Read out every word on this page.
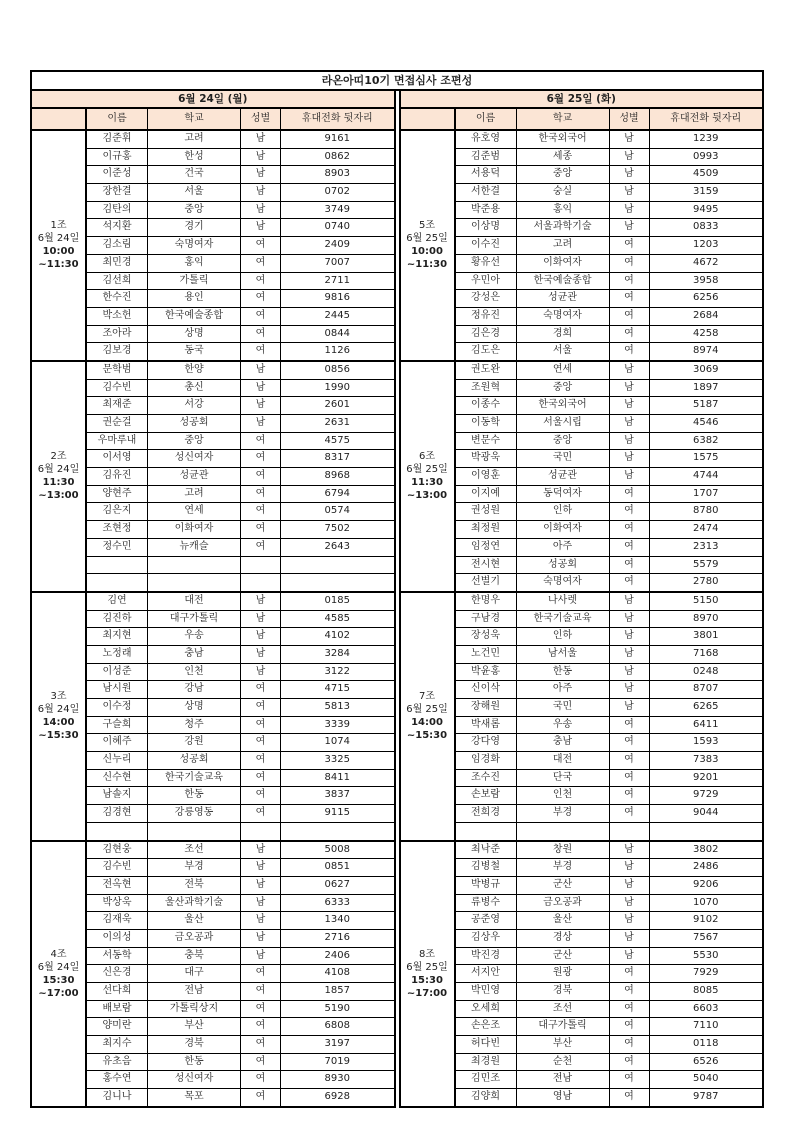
라온아띠10기 면접심사 조편성
6월 24일 (월)
이름	학교	성별	휴대전화 뒷자리
1조
6월 24일
10:00
~11:30
김준휘	고려	남	9161
이규홍	한성	남	0862
이준성	건국	남	8903
장한결	서울	남	0702
김탄의	중앙	남	3749
석지환	경기	남	0740
김소림	숙명여자	여	2409
최민경	홍익	여	7007
김선희	가톨릭	여	2711
한수진	용인	여	9816
박소헌	한국예술종합	여	2445
조아라	상명	여	0844
김보경	동국	여	1126
2조
6월 24일
11:30
~13:00
문학범	한양	남	0856
김수빈	총신	남	1990
최재준	서강	남	2601
권순걸	성공회	남	2631
우마루내	중앙	여	4575
이서영	성신여자	여	8317
김유진	성균관	여	8968
양현주	고려	여	6794
김은지	연세	여	0574
조현정	이화여자	여	7502
정수민	뉴캐슬	여	2643
3조
6월 24일
14:00
~15:30
김연	대전	남	0185
김진하	대구가톨릭	남	4585
최지현	우송	남	4102
노정래	충남	남	3284
이성준	인천	남	3122
남시원	강남	여	4715
이수정	상명	여	5813
구슬희	청주	여	3339
이혜주	강원	여	1074
신누리	성공회	여	3325
신수현	한국기술교육	여	8411
남솔지	한동	여	3837
김경현	강릉영동	여	9115
4조
6월 24일
15:30
~17:00
김현웅	조선	남	5008
김수빈	부경	남	0851
전옥현	전북	남	0627
박상욱	울산과학기술	남	6333
김재욱	울산	남	1340
이의성	금오공과	남	2716
서동학	충북	남	2406
신은경	대구	여	4108
선다희	전남	여	1857
배보람	가톨릭상지	여	5190
양미란	부산	여	6808
최지수	경북	여	3197
유초음	한동	여	7019
홍수연	성신여자	여	8930
김니나	목포	여	6928
6월 25일 (화)
이름	학교	성별	휴대전화 뒷자리
5조
6월 25일
10:00
~11:30
유호영	한국외국어	남	1239
김준범	세종	남	0993
서용덕	중앙	남	4509
서한결	숭실	남	3159
박준용	홍익	남	9495
이상명	서울과학기술	남	0833
이수진	고려	여	1203
황유선	이화여자	여	4672
우민아	한국예술종합	여	3958
강성은	성균관	여	6256
정유진	숙명여자	여	2684
김은경	경희	여	4258
김도은	서울	여	8974
6조
6월 25일
11:30
~13:00
권도완	연세	남	3069
조원혁	중앙	남	1897
이종수	한국외국어	남	5187
이동학	서울시립	남	4546
변문수	중앙	남	6382
박광욱	국민	남	1575
이영훈	성균관	남	4744
이지예	동덕여자	여	1707
권성원	인하	여	8780
최정원	이화여자	여	2474
임정연	아주	여	2313
전시현	성공회	여	5579
선별기	숙명여자	여	2780
7조
6월 25일
14:00
~15:30
한명우	나사렛	남	5150
구남경	한국기술교육	남	8970
장성욱	인하	남	3801
노건민	남서울	남	7168
박윤홍	한동	남	0248
신이삭	아주	남	8707
장해원	국민	남	6265
박새롬	우송	여	6411
강다영	충남	여	1593
임경화	대전	여	7383
조수진	단국	여	9201
손보람	인천	여	9729
전희경	부경	여	9044
8조
6월 25일
15:30
~17:00
최낙준	창원	남	3802
김병철	부경	남	2486
박병규	군산	남	9206
류병수	금오공과	남	1070
공준영	울산	남	9102
김상우	경상	남	7567
박진경	군산	남	5530
서지안	원광	여	7929
박민영	경북	여	8085
오세희	조선	여	6603
손은조	대구가톨릭	여	7110
허다빈	부산	여	0118
최경원	순천	여	6526
김민조	전남	여	5040
김양희	영남	여	9787
